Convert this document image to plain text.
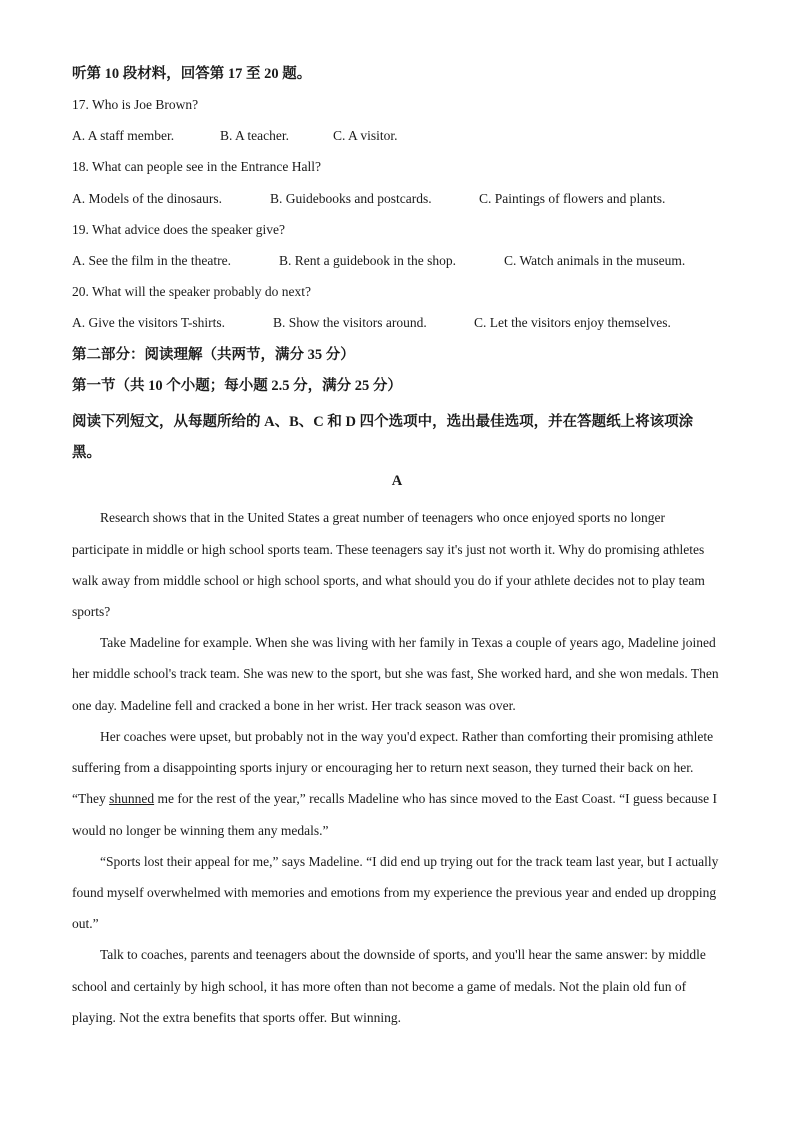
听第 10 段材料，回答第 17 至 20 题。
17. Who is Joe Brown?
A. A staff member.	B. A teacher.	C. A visitor.
18. What can people see in the Entrance Hall?
A. Models of the dinosaurs.	B. Guidebooks and postcards.	C. Paintings of flowers and plants.
19. What advice does the speaker give?
A. See the film in the theatre.	B. Rent a guidebook in the shop.	C. Watch animals in the museum.
20. What will the speaker probably do next?
A. Give the visitors T-shirts.	B. Show the visitors around.	C. Let the visitors enjoy themselves.
第二部分：阅读理解（共两节，满分 35 分）
第一节（共 10 个小题；每小题 2.5 分，满分 25 分）
阅读下列短文，从每题所给的 A、B、C 和 D 四个选项中，选出最佳选项，并在答题纸上将该项涂黑。
A

Research shows that in the United States a great number of teenagers who once enjoyed sports no longer participate in middle or high school sports team. These teenagers say it's just not worth it. Why do promising athletes walk away from middle school or high school sports, and what should you do if your athlete decides not to play team sports?

Take Madeline for example. When she was living with her family in Texas a couple of years ago, Madeline joined her middle school's track team. She was new to the sport, but she was fast, She worked hard, and she won medals. Then one day. Madeline fell and cracked a bone in her wrist. Her track season was over.

Her coaches were upset, but probably not in the way you'd expect. Rather than comforting their promising athlete suffering from a disappointing sports injury or encouraging her to return next season, they turned their back on her. “They shunned me for the rest of the year,” recalls Madeline who has since moved to the East Coast. “I guess because I would no longer be winning them any medals.”

“Sports lost their appeal for me,” says Madeline. “I did end up trying out for the track team last year, but I actually found myself overwhelmed with memories and emotions from my experience the previous year and ended up dropping out.”

Talk to coaches, parents and teenagers about the downside of sports, and you'll hear the same answer: by middle school and certainly by high school, it has more often than not become a game of medals. Not the plain old fun of playing. Not the extra benefits that sports offer. But winning.
